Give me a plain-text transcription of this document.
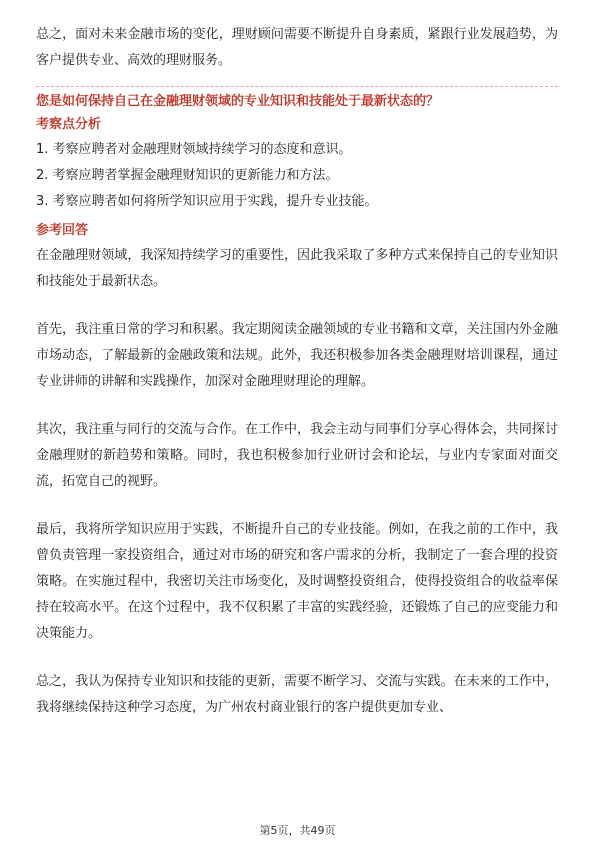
总之，面对未来金融市场的变化，理财顾问需要不断提升自身素质，紧跟行业发展趋势，为客户提供专业、高效的理财服务。

您是如何保持自己在金融理财领域的专业知识和技能处于最新状态的？

考察点分析

1. 考察应聘者对金融理财领域持续学习的态度和意识。

2. 考察应聘者掌握金融理财知识的更新能力和方法。

3. 考察应聘者如何将所学知识应用于实践，提升专业技能。

参考回答

在金融理财领域，我深知持续学习的重要性，因此我采取了多种方式来保持自己的专业知识和技能处于最新状态。

首先，我注重日常的学习和积累。我定期阅读金融领域的专业书籍和文章，关注国内外金融市场动态，了解最新的金融政策和法规。此外，我还积极参加各类金融理财培训课程，通过专业讲师的讲解和实践操作，加深对金融理财理论的理解。

其次，我注重与同行的交流与合作。在工作中，我会主动与同事们分享心得体会，共同探讨金融理财的新趋势和策略。同时，我也积极参加行业研讨会和论坛，与业内专家面对面交流，拓宽自己的视野。

最后，我将所学知识应用于实践，不断提升自己的专业技能。例如，在我之前的工作中，我曾负责管理一家投资组合，通过对市场的研究和客户需求的分析，我制定了一套合理的投资策略。在实施过程中，我密切关注市场变化，及时调整投资组合，使得投资组合的收益率保持在较高水平。在这个过程中，我不仅积累了丰富的实践经验，还锻炼了自己的应变能力和决策能力。

总之，我认为保持专业知识和技能的更新，需要不断学习、交流与实践。在未来的工作中，我将继续保持这种学习态度，为广州农村商业银行的客户提供更加专业、

第5页，共49页
